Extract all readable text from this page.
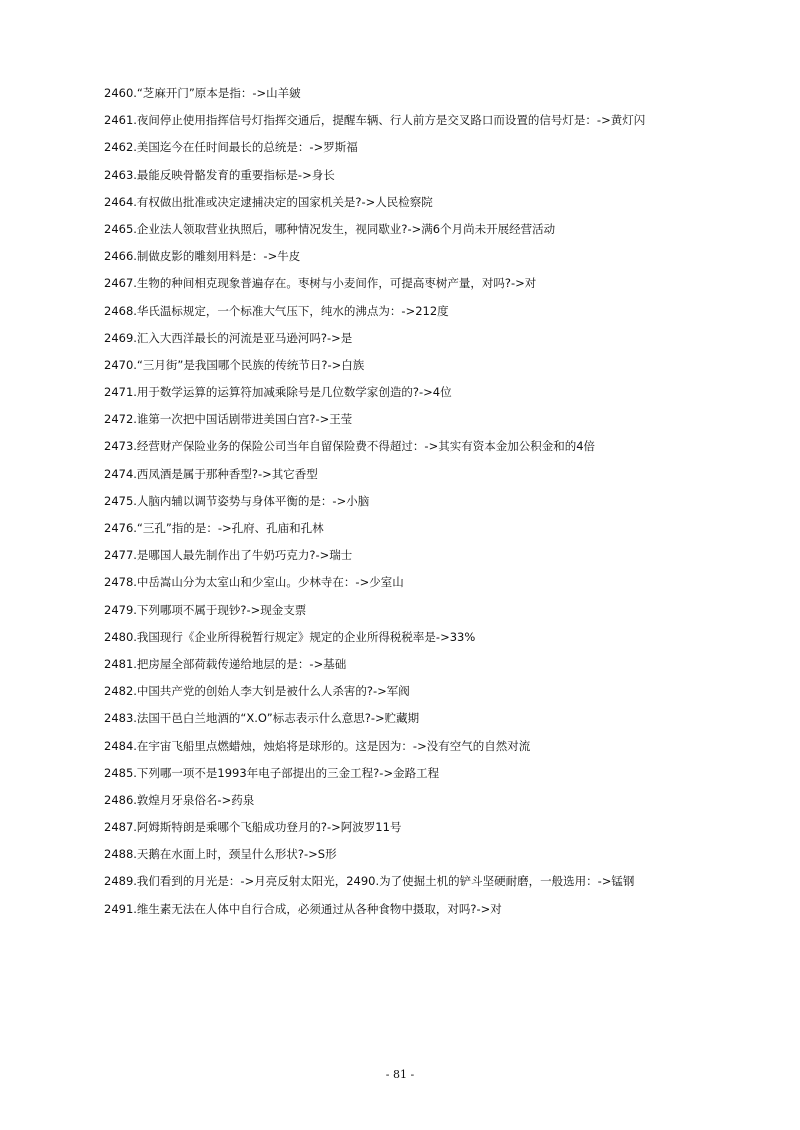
2460.“芝麻开门”原本是指：->山羊皴
2461.夜间停止使用指挥信号灯指挥交通后，提醒车辆、行人前方是交叉路口而设置的信号灯是：->黄灯闪
2462.美国迄今在任时间最长的总统是：->罗斯福
2463.最能反映骨骼发育的重要指标是->身长
2464.有权做出批准或决定逮捕决定的国家机关是?->人民检察院
2465.企业法人领取营业执照后，哪种情况发生，视同歇业?->满6个月尚未开展经营活动
2466.制做皮影的雕刻用料是：->牛皮
2467.生物的种间相克现象普遍存在。枣树与小麦间作，可提高枣树产量，对吗?->对
2468.华氏温标规定，一个标准大气压下，纯水的沸点为：->212度
2469.汇入大西洋最长的河流是亚马逊河吗?->是
2470.“三月街”是我国哪个民族的传统节日?->白族
2471.用于数学运算的运算符加减乘除号是几位数学家创造的?->4位
2472.谁第一次把中国话剧带进美国白宫?->王莹
2473.经营财产保险业务的保险公司当年自留保险费不得超过：->其实有资本金加公积金和的4倍
2474.西凤酒是属于那种香型?->其它香型
2475.人脑内辅以调节姿势与身体平衡的是：->小脑
2476.“三孔”指的是：->孔府、孔庙和孔林
2477.是哪国人最先制作出了牛奶巧克力?->瑞士
2478.中岳嵩山分为太室山和少室山。少林寺在：->少室山
2479.下列哪项不属于现钞?->现金支票
2480.我国现行《企业所得税暂行规定》规定的企业所得税税率是->33%
2481.把房屋全部荷载传递给地层的是：->基础
2482.中国共产党的创始人李大钊是被什么人杀害的?->军阀
2483.法国干邑白兰地酒的“X.O”标志表示什么意思?->贮藏期
2484.在宇宙飞船里点燃蜡烛，烛焰将是球形的。这是因为：->没有空气的自然对流
2485.下列哪一项不是1993年电子部提出的三金工程?->金路工程
2486.敦煌月牙泉俗名->药泉
2487.阿姆斯特朗是乘哪个飞船成功登月的?->阿波罗11号
2488.天鹅在水面上时，颈呈什么形状?->S形
2489.我们看到的月光是：->月亮反射太阳光，2490.为了使掘土机的铲斗坚硬耐磨，一般选用：->锰钢
2491.维生素无法在人体中自行合成，必须通过从各种食物中摄取，对吗?->对
- 81 -
